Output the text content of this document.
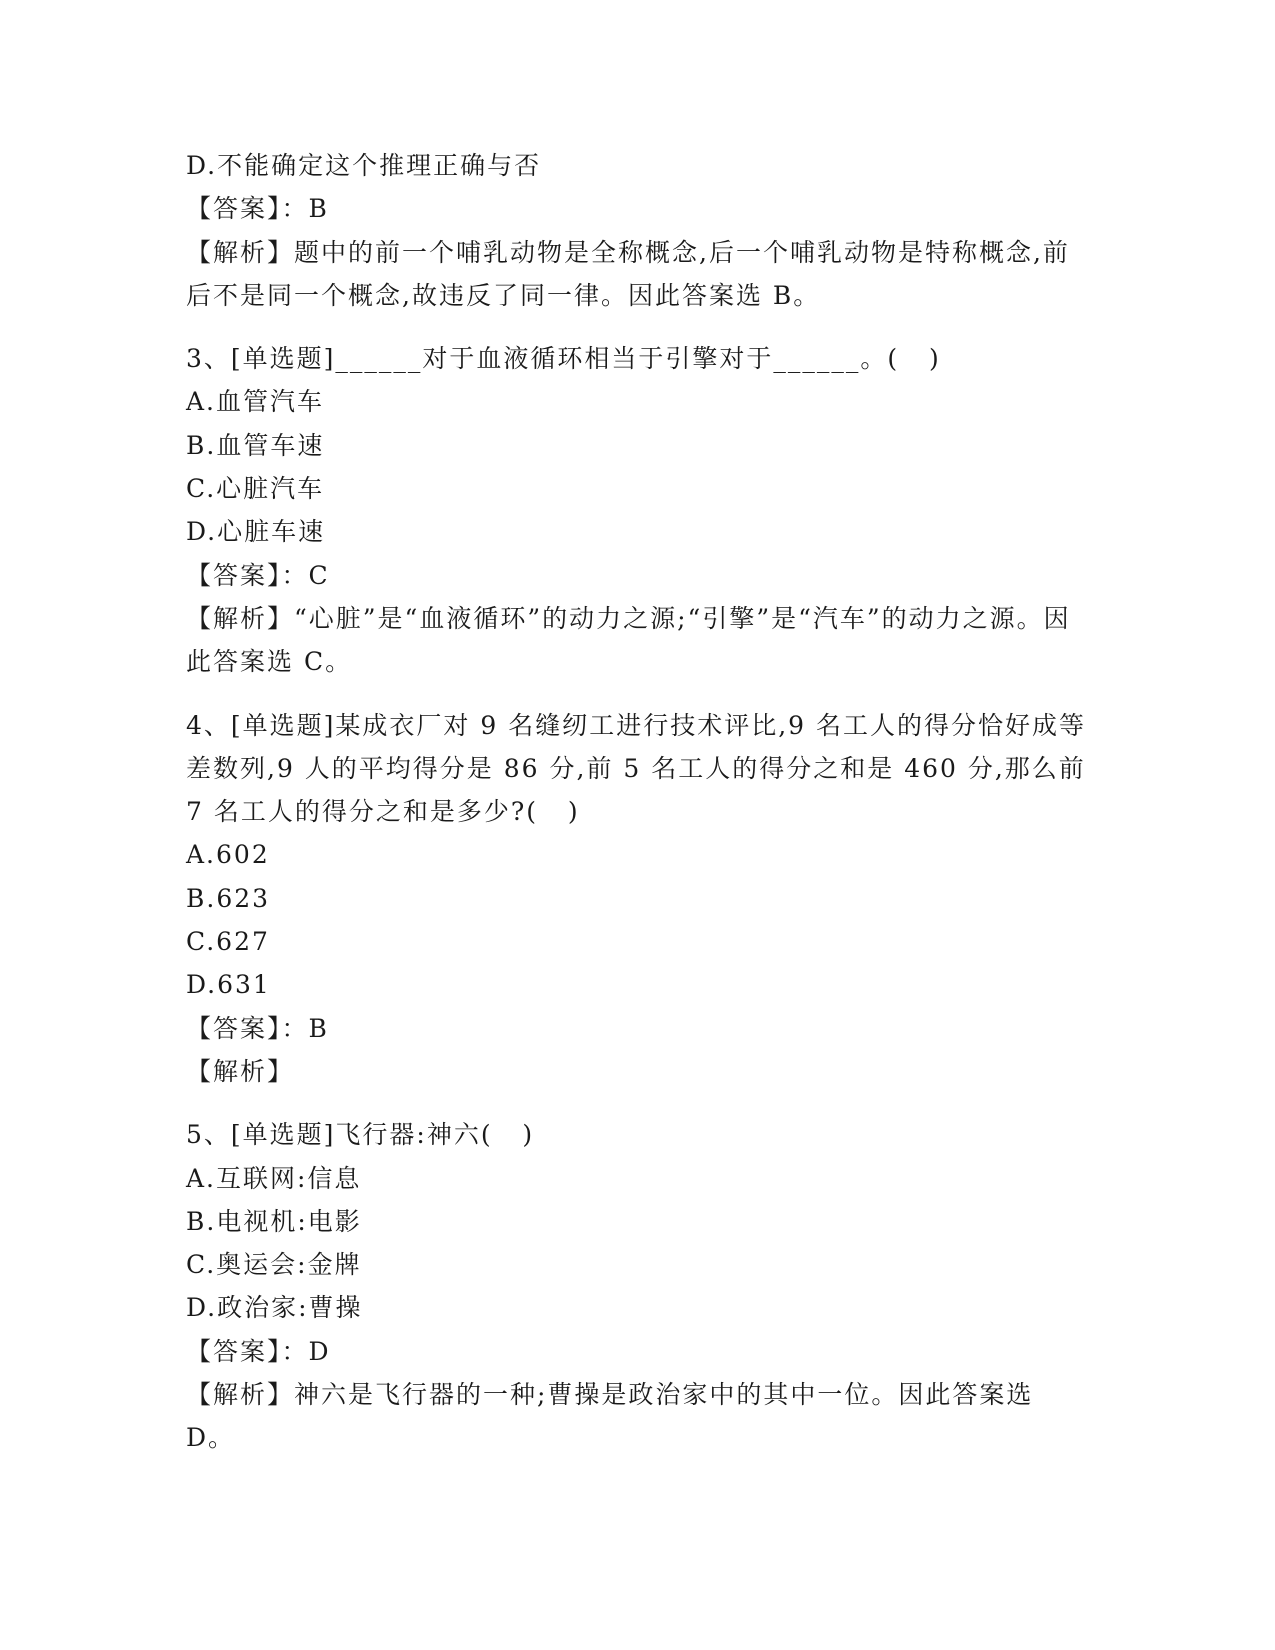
D.不能确定这个推理正确与否
【答案】：B
【解析】题中的前一个哺乳动物是全称概念,后一个哺乳动物是特称概念,前后不是同一个概念,故违反了同一律。因此答案选 B。
3、[单选题]______对于血液循环相当于引擎对于______。(   )
A.血管汽车
B.血管车速
C.心脏汽车
D.心脏车速
【答案】：C
【解析】“心脏”是“血液循环”的动力之源;“引擎”是“汽车”的动力之源。因此答案选 C。
4、[单选题]某成衣厂对 9 名缝纫工进行技术评比,9 名工人的得分恰好成等差数列,9 人的平均得分是 86 分,前 5 名工人的得分之和是 460 分,那么前 7 名工人的得分之和是多少?(   )
A.602
B.623
C.627
D.631
【答案】：B
【解析】
5、[单选题]飞行器:神六(   )
A.互联网:信息
B.电视机:电影
C.奥运会:金牌
D.政治家:曹操
【答案】：D
【解析】神六是飞行器的一种;曹操是政治家中的其中一位。因此答案选 D。
